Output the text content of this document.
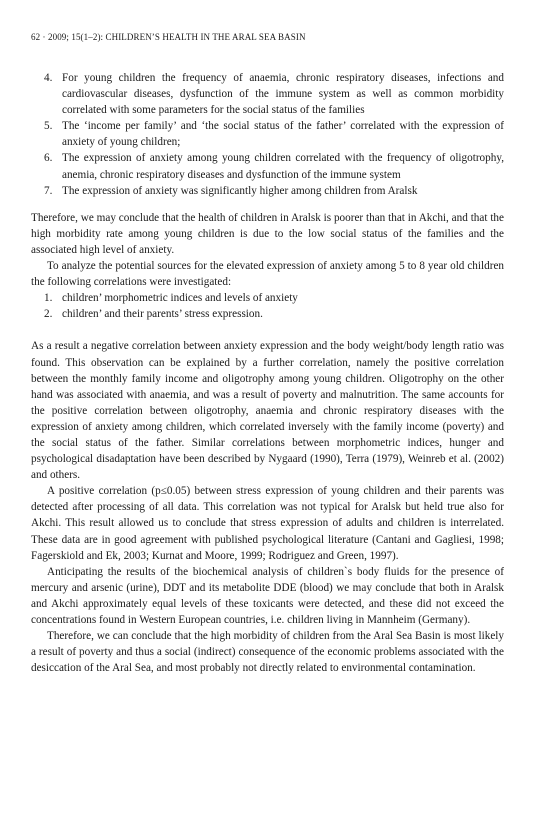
62 · 2009; 15(1–2): CHILDREN’S HEALTH IN THE ARAL SEA BASIN
4. For young children the frequency of anaemia, chronic respiratory diseases, infections and cardiovascular diseases, dysfunction of the immune system as well as common morbidity correlated with some parameters for the social status of the families
5. The ‘income per family’ and ‘the social status of the father’ correlated with the expression of anxiety of young children;
6. The expression of anxiety among young children correlated with the frequency of oligotrophy, anemia, chronic respiratory diseases and dysfunction of the immune system
7. The expression of anxiety was significantly higher among children from Aralsk

Therefore, we may conclude that the health of children in Aralsk is poorer than that in Akchi, and that the high morbidity rate among young children is due to the low social status of the families and the associated high level of anxiety.

To analyze the potential sources for the elevated expression of anxiety among 5 to 8 year old children the following correlations were investigated:

1. children’ morphometric indices and levels of anxiety
2. children’ and their parents’ stress expression.

As a result a negative correlation between anxiety expression and the body weight/body length ratio was found. This observation can be explained by a further correlation, namely the positive correlation between the monthly family income and oligotrophy among young children. Oligotrophy on the other hand was associated with anaemia, and was a result of poverty and malnutrition. The same accounts for the positive correlation between oligotrophy, anaemia and chronic respiratory diseases with the expression of anxiety among children, which correlated inversely with the family income (poverty) and the social status of the father. Similar correlations between morphometric indices, hunger and psychological disadaptation have been described by Nygaard (1990), Terra (1979), Weinreb et al. (2002) and others.

A positive correlation (p≤0.05) between stress expression of young children and their parents was detected after processing of all data. This correlation was not typical for Aralsk but held true also for Akchi. This result allowed us to conclude that stress expression of adults and children is interrelated. These data are in good agreement with published psychological literature (Cantani and Gagliesi, 1998; Fagerskiold and Ek, 2003; Kurnat and Moore, 1999; Rodriguez and Green, 1997).

Anticipating the results of the biochemical analysis of children`s body fluids for the presence of mercury and arsenic (urine), DDT and its metabolite DDE (blood) we may conclude that both in Aralsk and Akchi approximately equal levels of these toxicants were detected, and these did not exceed the concentrations found in Western European countries, i.e. children living in Mannheim (Germany).

Therefore, we can conclude that the high morbidity of children from the Aral Sea Basin is most likely a result of poverty and thus a social (indirect) consequence of the economic problems associated with the desiccation of the Aral Sea, and most probably not directly related to environmental contamination.
